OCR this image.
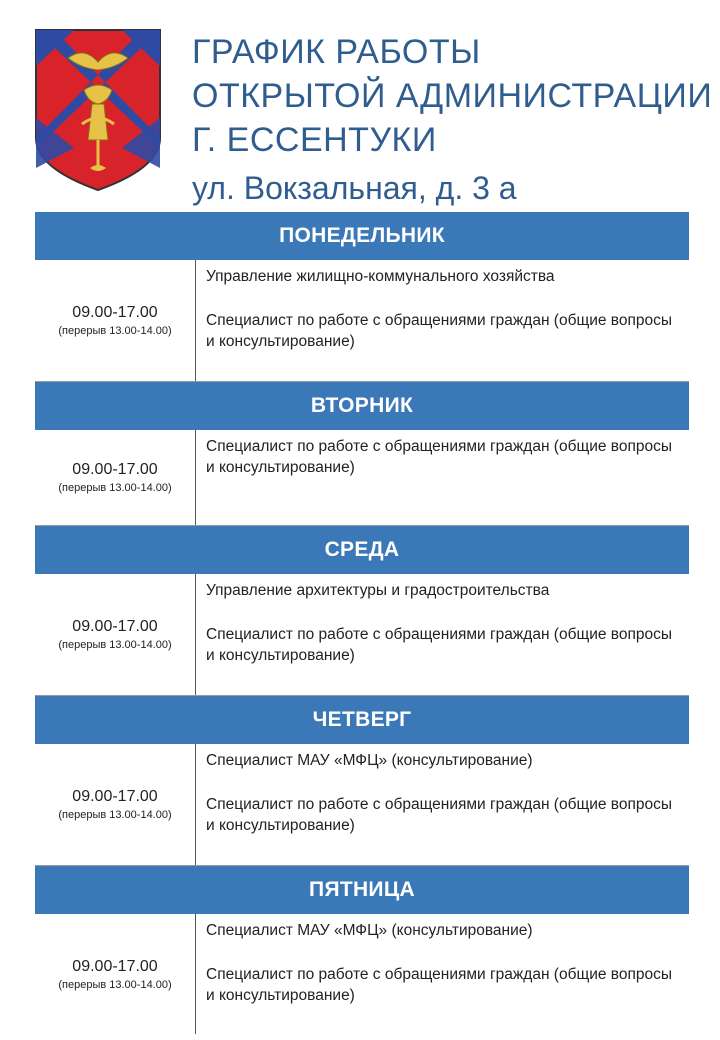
ГРАФИК РАБОТЫ
ОТКРЫТОЙ АДМИНИСТРАЦИИ
Г. ЕССЕНТУКИ
ул. Вокзальная, д. 3 а
ПОНЕДЕЛЬНИК
09.00-17.00
(перерыв 13.00-14.00)
Управление жилищно-коммунального хозяйства
Специалист по работе с обращениями граждан (общие вопросы и консультирование)
ВТОРНИК
09.00-17.00
(перерыв 13.00-14.00)
Специалист по работе с обращениями граждан (общие вопросы и консультирование)
СРЕДА
09.00-17.00
(перерыв 13.00-14.00)
Управление архитектуры и градостроительства
Специалист по работе с обращениями граждан (общие вопросы и консультирование)
ЧЕТВЕРГ
09.00-17.00
(перерыв 13.00-14.00)
Специалист МАУ «МФЦ» (консультирование)
Специалист по работе с обращениями граждан (общие вопросы и консультирование)
ПЯТНИЦА
09.00-17.00
(перерыв 13.00-14.00)
Специалист МАУ «МФЦ» (консультирование)
Специалист по работе с обращениями граждан (общие вопросы и консультирование)
